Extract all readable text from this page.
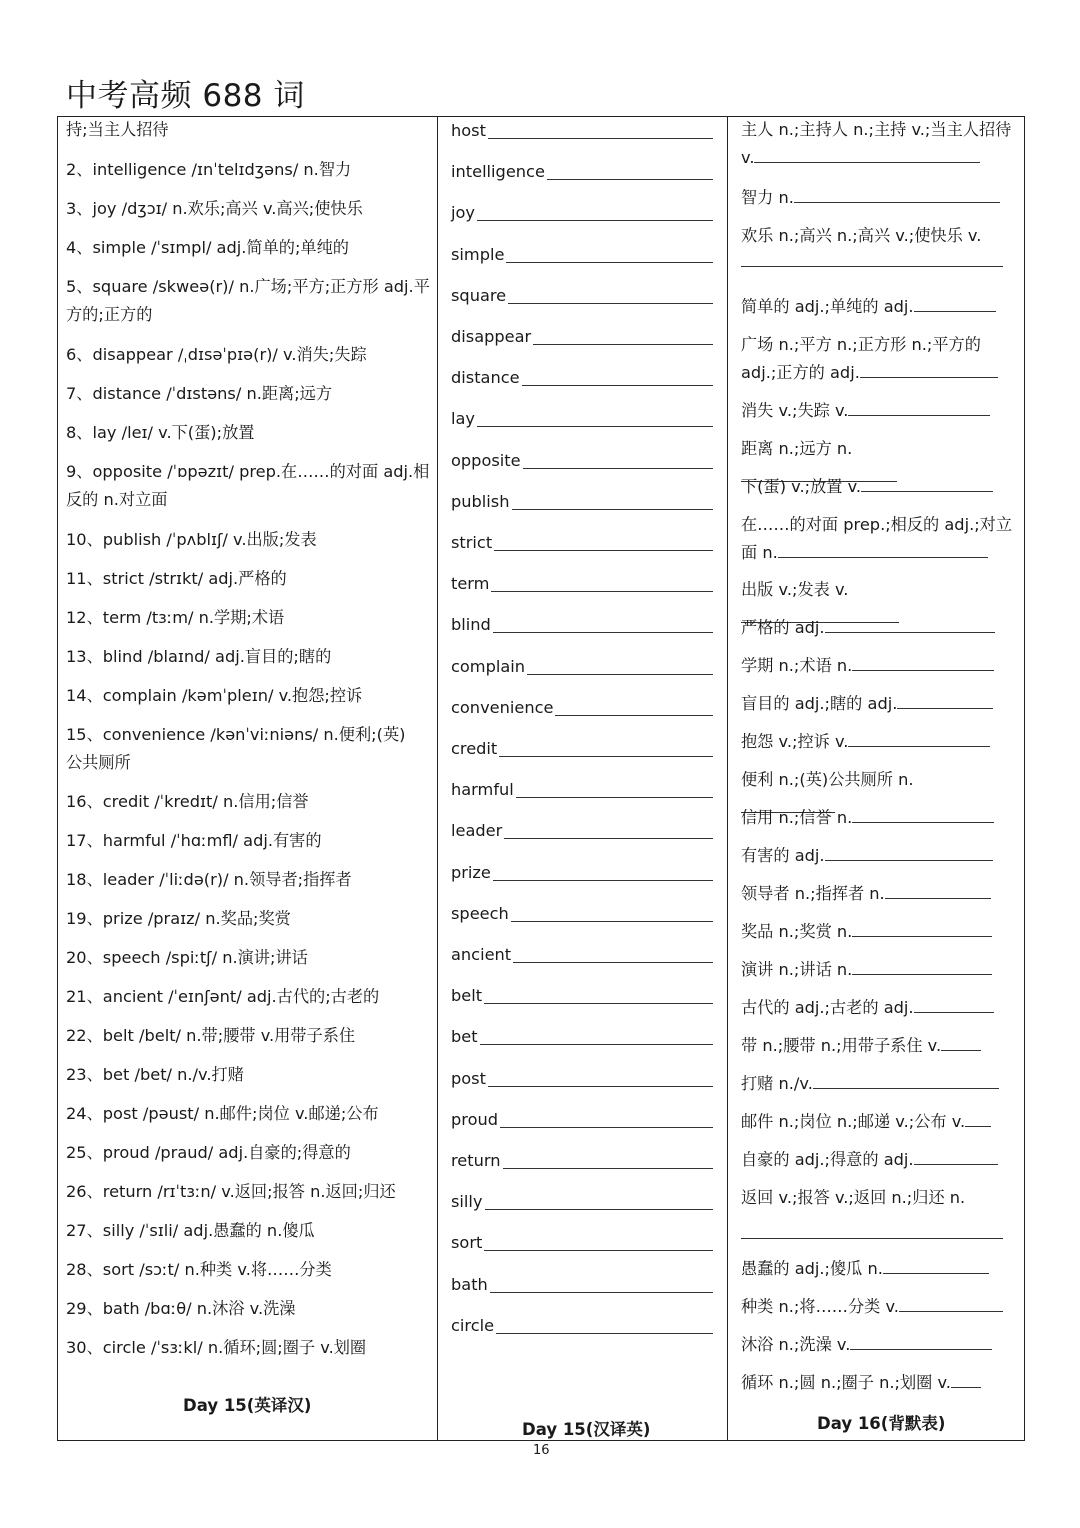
中考高频 688 词
持;当主人招待
2、intelligence /ɪnˈtelɪdʒəns/ n.智力
3、joy /dʒɔɪ/ n.欢乐;高兴 v.高兴;使快乐
4、simple /ˈsɪmpl/ adj.简单的;单纯的
5、square /skweə(r)/ n.广场;平方;正方形 adj.平方的;正方的
6、disappear /ˌdɪsəˈpɪə(r)/ v.消失;失踪
7、distance /ˈdɪstəns/ n.距离;远方
8、lay /leɪ/ v.下(蛋);放置
9、opposite /ˈɒpəzɪt/ prep.在……的对面 adj.相反的 n.对立面
10、publish /ˈpʌblɪʃ/ v.出版;发表
11、strict /strɪkt/ adj.严格的
12、term /tɜːm/ n.学期;术语
13、blind /blaɪnd/ adj.盲目的;瞎的
14、complain /kəmˈpleɪn/ v.抱怨;控诉
15、convenience /kənˈviːniəns/ n.便利;(英)公共厕所
16、credit /ˈkredɪt/ n.信用;信誉
17、harmful /ˈhɑːmfl/ adj.有害的
18、leader /ˈliːdə(r)/ n.领导者;指挥者
19、prize /praɪz/ n.奖品;奖赏
20、speech /spiːtʃ/ n.演讲;讲话
21、ancient /ˈeɪnʃənt/ adj.古代的;古老的
22、belt /belt/ n.带;腰带 v.用带子系住
23、bet /bet/ n./v.打赌
24、post /pəust/ n.邮件;岗位 v.邮递;公布
25、proud /praud/ adj.自豪的;得意的
26、return /rɪˈtɜːn/ v.返回;报答 n.返回;归还
27、silly /ˈsɪli/ adj.愚蠢的 n.傻瓜
28、sort /sɔːt/ n.种类 v.将……分类
29、bath /bɑːθ/ n.沐浴 v.洗澡
30、circle /ˈsɜːkl/ n.循环;圆;圈子 v.划圈
Day 15(英译汉)
host
intelligence
joy
simple
square
disappear
distance
lay
opposite
publish
strict
term
blind
complain
convenience
credit
harmful
leader
prize
speech
ancient
belt
bet
post
proud
return
silly
sort
bath
circle
Day 15(汉译英)
主人 n.;主持人 n.;主持 v.;当主人招待 v.
智力 n.
欢乐 n.;高兴 n.;高兴 v.;使快乐 v.
简单的 adj.;单纯的 adj.
广场 n.;平方 n.;正方形 n.;平方的 adj.;正方的 adj.
消失 v.;失踪 v.
距离 n.;远方 n.
下(蛋) v.;放置 v.
在……的对面 prep.;相反的 adj.;对立面 n.
出版 v.;发表 v.
严格的 adj.
学期 n.;术语 n.
盲目的 adj.;瞎的 adj.
抱怨 v.;控诉 v.
便利 n.;(英)公共厕所 n.
信用 n.;信誉 n.
有害的 adj.
领导者 n.;指挥者 n.
奖品 n.;奖赏 n.
演讲 n.;讲话 n.
古代的 adj.;古老的 adj.
带 n.;腰带 n.;用带子系住 v.
打赌 n./v.
邮件 n.;岗位 n.;邮递 v.;公布 v.
自豪的 adj.;得意的 adj.
返回 v.;报答 v.;返回 n.;归还 n.
愚蠢的 adj.;傻瓜 n.
种类 n.;将……分类 v.
沐浴 n.;洗澡 v.
循环 n.;圆 n.;圈子 n.;划圈 v.
Day 16(背默表)
16
